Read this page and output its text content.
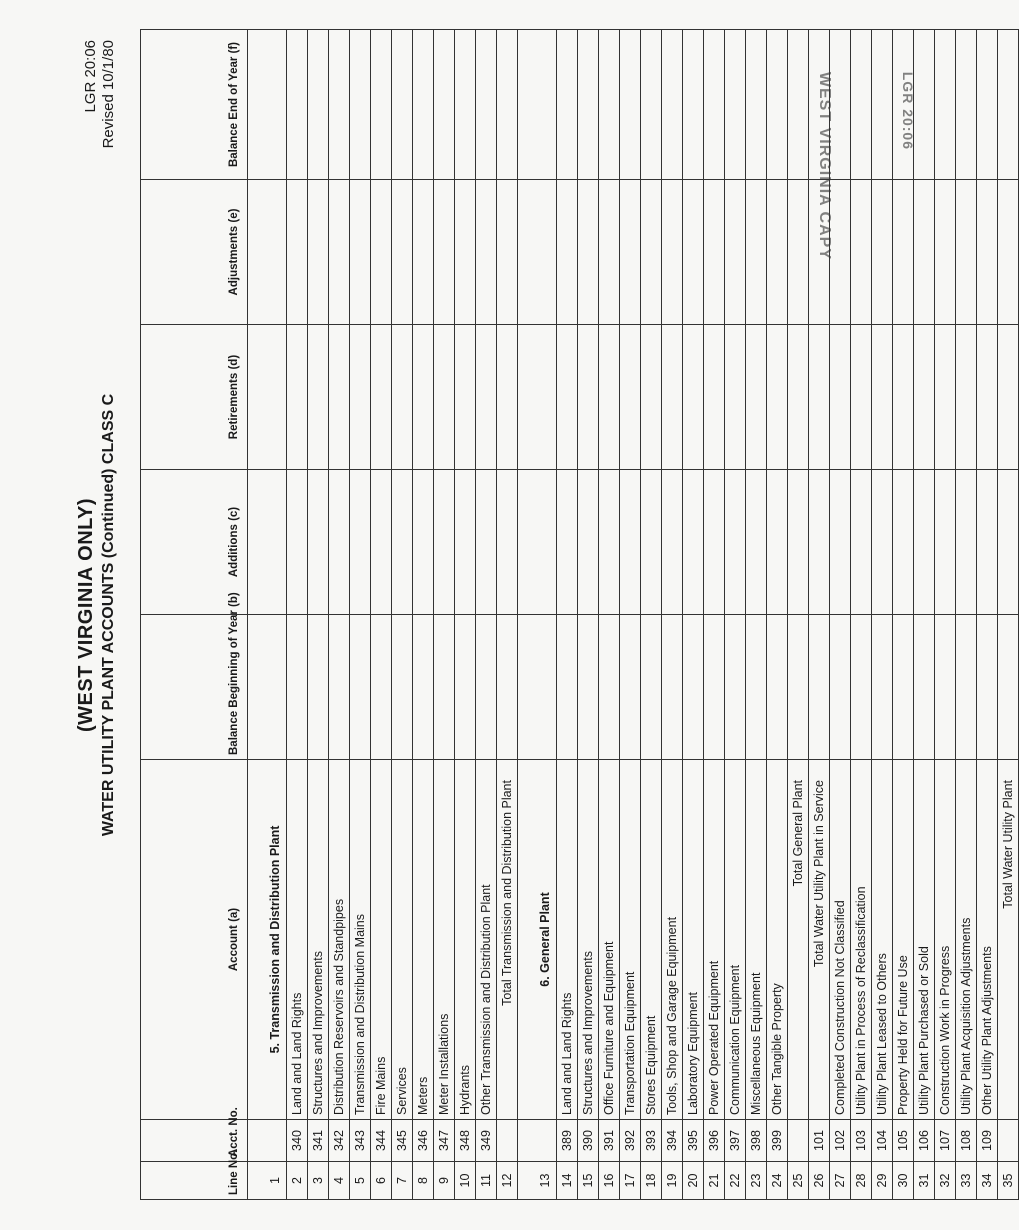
(WEST VIRGINIA ONLY) WATER UTILITY PLANT ACCOUNTS (Continued) CLASS C
LGR 20:06 Revised 10/1/80	WEST VIRGINIA CAPY	LGR 20:06
Line No.	Acct. No.	Account (a)	Balance Beginning of Year (b)	Additions (c)	Retirements (d)	Adjustments (e)	Balance End of Year (f)
1		5. Transmission and Distribution Plant					
2	340	Land and Land Rights					
3	341	Structures and Improvements					
4	342	Distribution Reservoirs and Standpipes					
5	343	Transmission and Distribution Mains					
6	344	Fire Mains					
7	345	Services					
8	346	Meters					
9	347	Meter Installations					
10	348	Hydrants					
11	349	Other Transmission and Distribution Plant					
12		Total Transmission and Distribution Plant					
13		6. General Plant					
14	389	Land and Land Rights					
15	390	Structures and Improvements					
16	391	Office Furniture and Equipment					
17	392	Transportation Equipment					
18	393	Stores Equipment					
19	394	Tools, Shop and Garage Equipment					
20	395	Laboratory Equipment					
21	396	Power Operated Equipment					
22	397	Communication Equipment					
23	398	Miscellaneous Equipment					
24	399	Other Tangible Property					
25		Total General Plant					
26	101	Total Water Utility Plant in Service					
27	102	Completed Construction Not Classified					
28	103	Utility Plant in Process of Reclassification					
29	104	Utility Plant Leased to Others					
30	105	Property Held for Future Use					
31	106	Utility Plant Purchased or Sold					
32	107	Construction Work in Progress					
33	108	Utility Plant Acquisition Adjustments					
34	109	Other Utility Plant Adjustments					
35		Total Water Utility Plant					
